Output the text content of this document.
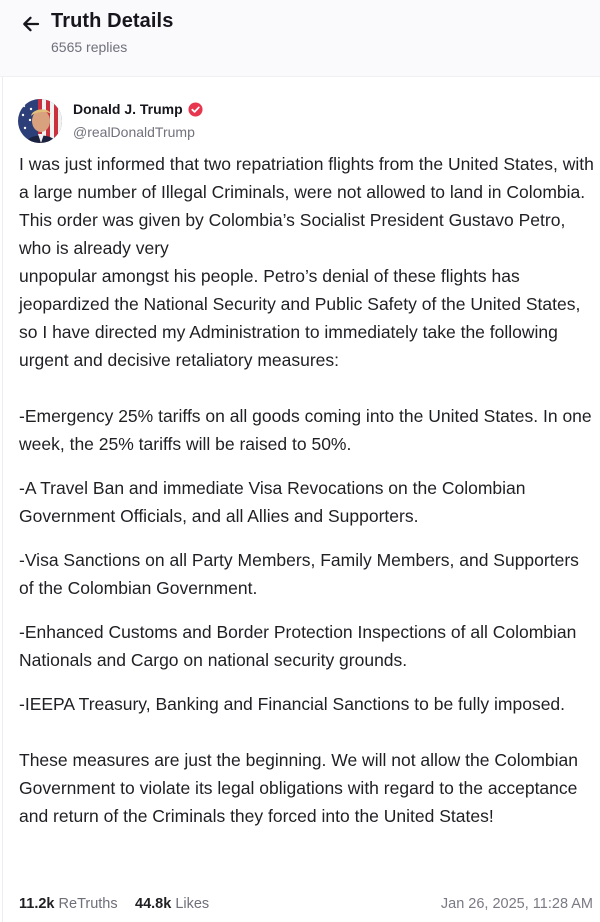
Truth Details
6565 replies
Donald J. Trump
@realDonaldTrump

I was just informed that two repatriation flights from the United States, with a large number of Illegal Criminals, were not allowed to land in Colombia. This order was given by Colombia’s Socialist President Gustavo Petro, who is already very
unpopular amongst his people. Petro’s denial of these flights has jeopardized the National Security and Public Safety of the United States, so I have directed my Administration to immediately take the following urgent and decisive retaliatory measures:

-Emergency 25% tariffs on all goods coming into the United States. In one week, the 25% tariffs will be raised to 50%.

-A Travel Ban and immediate Visa Revocations on the Colombian Government Officials, and all Allies and Supporters.

-Visa Sanctions on all Party Members, Family Members, and Supporters of the Colombian Government.

-Enhanced Customs and Border Protection Inspections of all Colombian Nationals and Cargo on national security grounds.

-IEEPA Treasury, Banking and Financial Sanctions to be fully imposed.

These measures are just the beginning. We will not allow the Colombian Government to violate its legal obligations with regard to the acceptance and return of the Criminals they forced into the United States!

11.2k ReTruths 44.8k Likes	Jan 26, 2025, 11:28 AM
